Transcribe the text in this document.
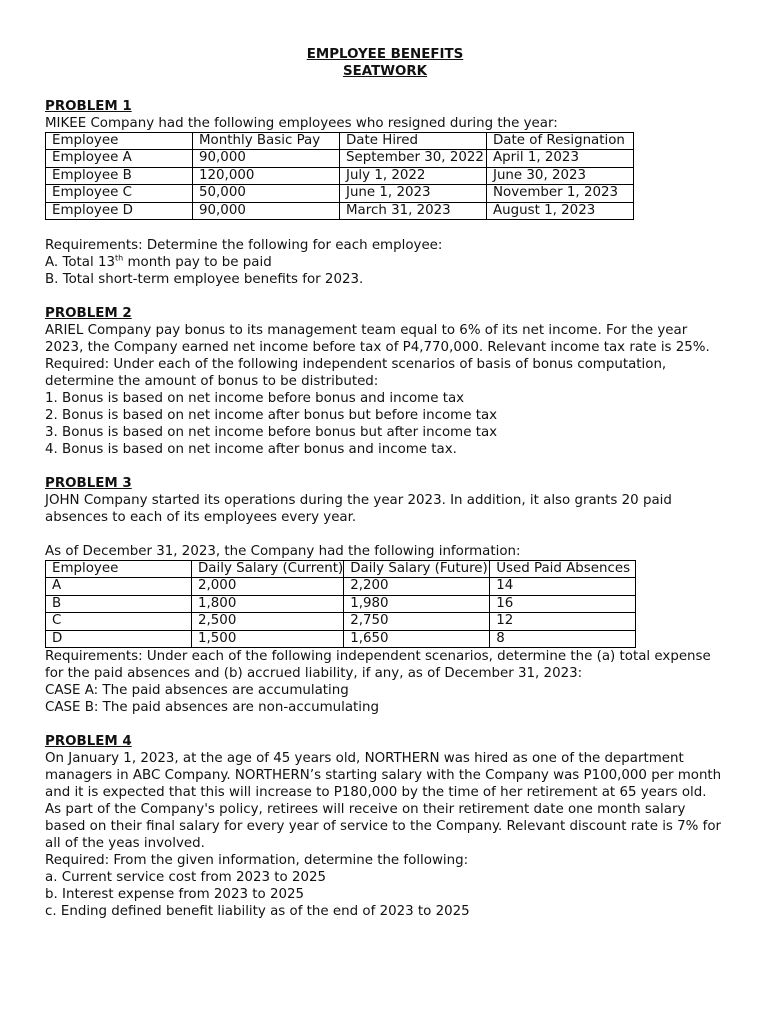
EMPLOYEE BENEFITS
SEATWORK
PROBLEM 1
MIKEE Company had the following employees who resigned during the year:
Employee	Monthly Basic Pay	Date Hired	Date of Resignation
Employee A	90,000	September 30, 2022	April 1, 2023
Employee B	120,000	July 1, 2022	June 30, 2023
Employee C	50,000	June 1, 2023	November 1, 2023
Employee D	90,000	March 31, 2023	August 1, 2023
Requirements: Determine the following for each employee:
A. Total 13th month pay to be paid
B. Total short-term employee benefits for 2023.
PROBLEM 2
ARIEL Company pay bonus to its management team equal to 6% of its net income. For the year 2023, the Company earned net income before tax of P4,770,000. Relevant income tax rate is 25%.
Required: Under each of the following independent scenarios of basis of bonus computation, determine the amount of bonus to be distributed:
1. Bonus is based on net income before bonus and income tax
2. Bonus is based on net income after bonus but before income tax
3. Bonus is based on net income before bonus but after income tax
4. Bonus is based on net income after bonus and income tax.
PROBLEM 3
JOHN Company started its operations during the year 2023. In addition, it also grants 20 paid absences to each of its employees every year.
As of December 31, 2023, the Company had the following information:
Employee	Daily Salary (Current)	Daily Salary (Future)	Used Paid Absences
A	2,000	2,200	14
B	1,800	1,980	16
C	2,500	2,750	12
D	1,500	1,650	8
Requirements: Under each of the following independent scenarios, determine the (a) total expense for the paid absences and (b) accrued liability, if any, as of December 31, 2023:
CASE A: The paid absences are accumulating
CASE B: The paid absences are non-accumulating
PROBLEM 4
On January 1, 2023, at the age of 45 years old, NORTHERN was hired as one of the department managers in ABC Company. NORTHERN’s starting salary with the Company was P100,000 per month and it is expected that this will increase to P180,000 by the time of her retirement at 65 years old. As part of the Company's policy, retirees will receive on their retirement date one month salary based on their final salary for every year of service to the Company. Relevant discount rate is 7% for all of the yeas involved.
Required: From the given information, determine the following:
a. Current service cost from 2023 to 2025
b. Interest expense from 2023 to 2025
c. Ending defined benefit liability as of the end of 2023 to 2025
